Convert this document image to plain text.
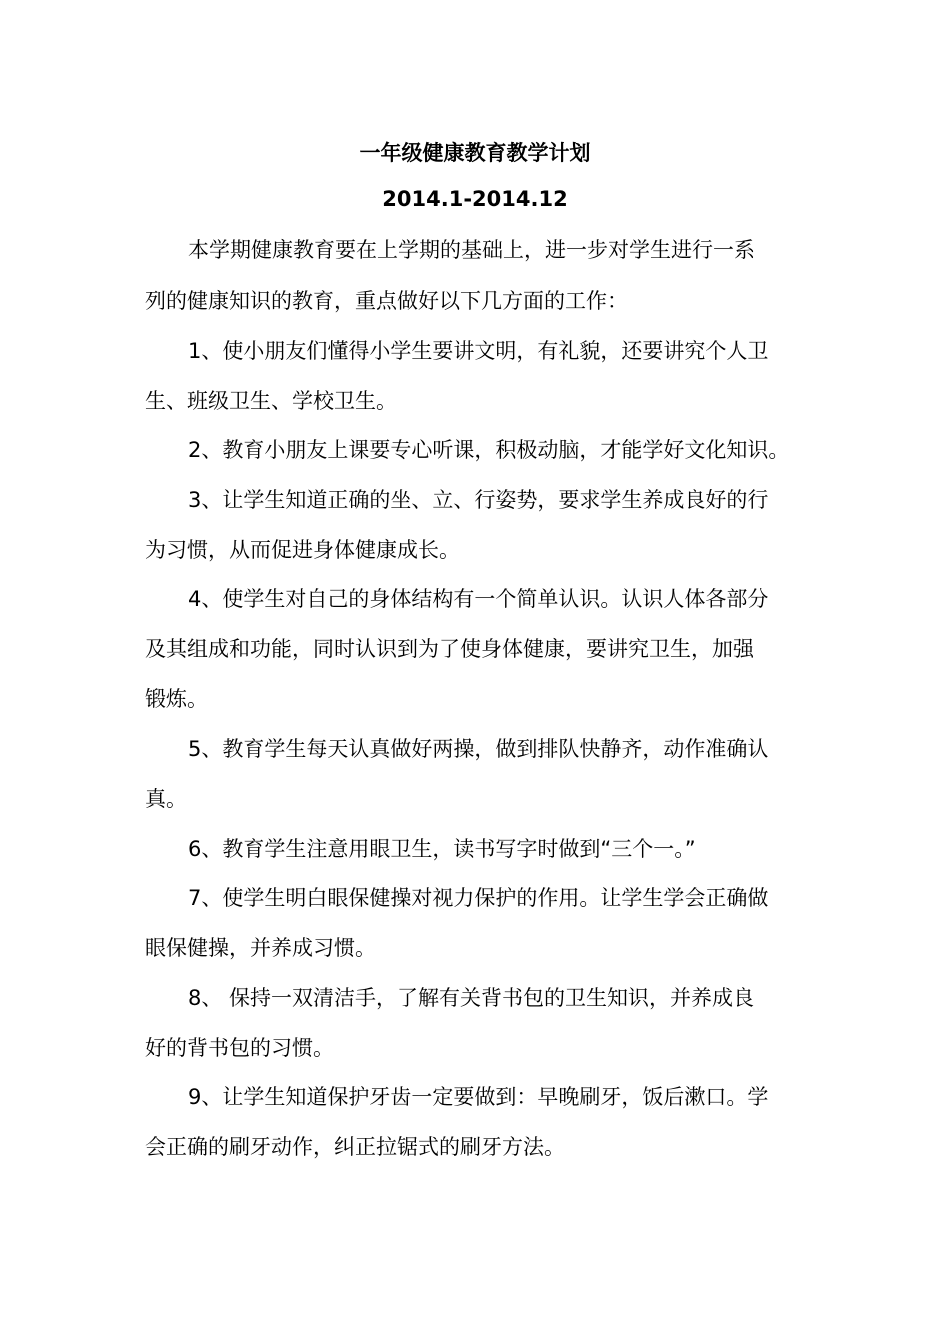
一年级健康教育教学计划
2014.1-2014.12
本学期健康教育要在上学期的基础上，进一步对学生进行一系
列的健康知识的教育，重点做好以下几方面的工作：
1、使小朋友们懂得小学生要讲文明，有礼貌，还要讲究个人卫
生、班级卫生、学校卫生。
2、教育小朋友上课要专心听课，积极动脑，才能学好文化知识。
3、让学生知道正确的坐、立、行姿势，要求学生养成良好的行
为习惯，从而促进身体健康成长。
4、使学生对自己的身体结构有一个简单认识。认识人体各部分
及其组成和功能，同时认识到为了使身体健康，要讲究卫生，加强
锻炼。
5、教育学生每天认真做好两操，做到排队快静齐，动作准确认
真。
6、教育学生注意用眼卫生，读书写字时做到“三个一。”
7、使学生明白眼保健操对视力保护的作用。让学生学会正确做
眼保健操，并养成习惯。
8、 保持一双清洁手，了解有关背书包的卫生知识，并养成良
好的背书包的习惯。
9、让学生知道保护牙齿一定要做到：早晚刷牙，饭后漱口。学
会正确的刷牙动作，纠正拉锯式的刷牙方法。
